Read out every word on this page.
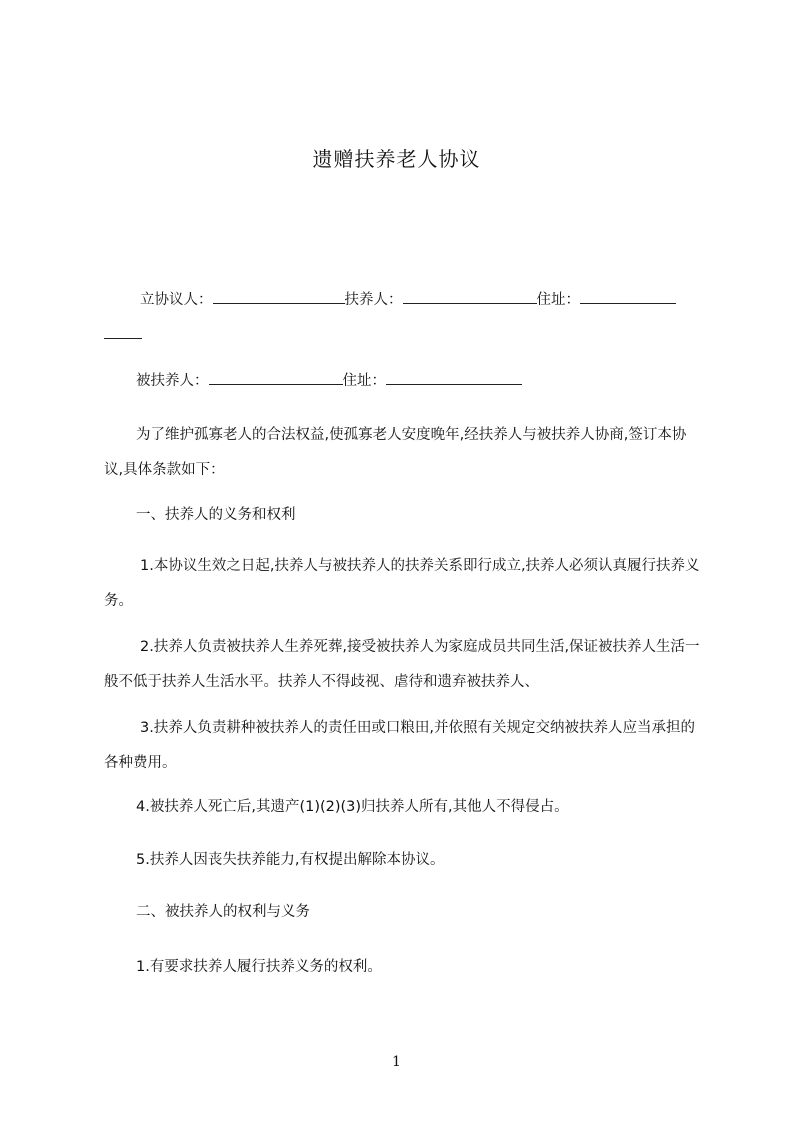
遗赠扶养老人协议
立协议人：	扶养人：	住址：
被扶养人：	住址：
为了维护孤寡老人的合法权益,使孤寡老人安度晚年,经扶养人与被扶养人协商,签订本协议,具体条款如下：
一、扶养人的义务和权利
1.本协议生效之日起,扶养人与被扶养人的扶养关系即行成立,扶养人必须认真履行扶养义务。
2.扶养人负责被扶养人生养死葬,接受被扶养人为家庭成员共同生活,保证被扶养人生活一般不低于扶养人生活水平。扶养人不得歧视、虐待和遗弃被扶养人、
3.扶养人负责耕种被扶养人的责任田或口粮田,并依照有关规定交纳被扶养人应当承担的各种费用。
4.被扶养人死亡后,其遗产(1)(2)(3)归扶养人所有,其他人不得侵占。
5.扶养人因丧失扶养能力,有权提出解除本协议。
二、被扶养人的权利与义务
1.有要求扶养人履行扶养义务的权利。
1
